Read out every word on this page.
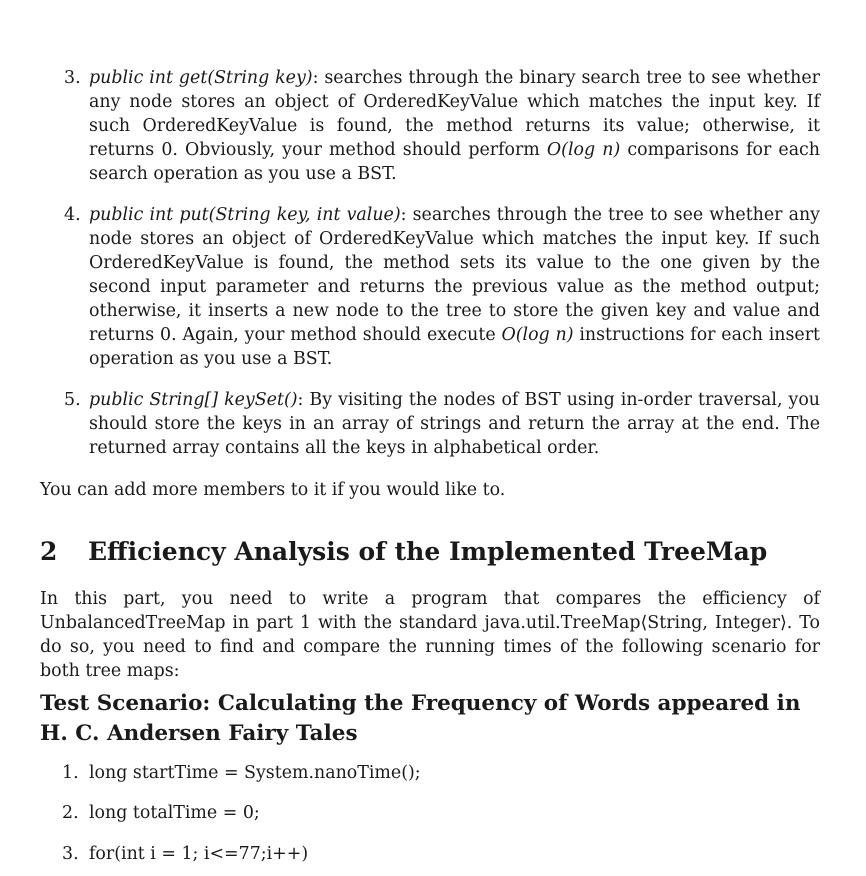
3. public int get(String key): searches through the binary search tree to see whether any node stores an object of OrderedKeyValue which matches the input key. If such OrderedKeyValue is found, the method returns its value; otherwise, it returns 0. Obviously, your method should perform O(log n) comparisons for each search operation as you use a BST.
4. public int put(String key, int value): searches through the tree to see whether any node stores an object of OrderedKeyValue which matches the input key. If such OrderedKeyValue is found, the method sets its value to the one given by the second input parameter and returns the previous value as the method output; otherwise, it inserts a new node to the tree to store the given key and value and returns 0. Again, your method should execute O(log n) instructions for each insert operation as you use a BST.
5. public String[] keySet(): By visiting the nodes of BST using in-order traversal, you should store the keys in an array of strings and return the array at the end. The returned array contains all the keys in alphabetical order.
You can add more members to it if you would like to.
2 Efficiency Analysis of the Implemented TreeMap
In this part, you need to write a program that compares the efficiency of UnbalancedTreeMap in part 1 with the standard java.util.TreeMap⟨String, Integer⟩. To do so, you need to find and compare the running times of the following scenario for both tree maps:
Test Scenario: Calculating the Frequency of Words appeared in H. C. Andersen Fairy Tales
1. long startTime = System.nanoTime();
2. long totalTime = 0;
3. for(int i = 1; i<=77;i++)
